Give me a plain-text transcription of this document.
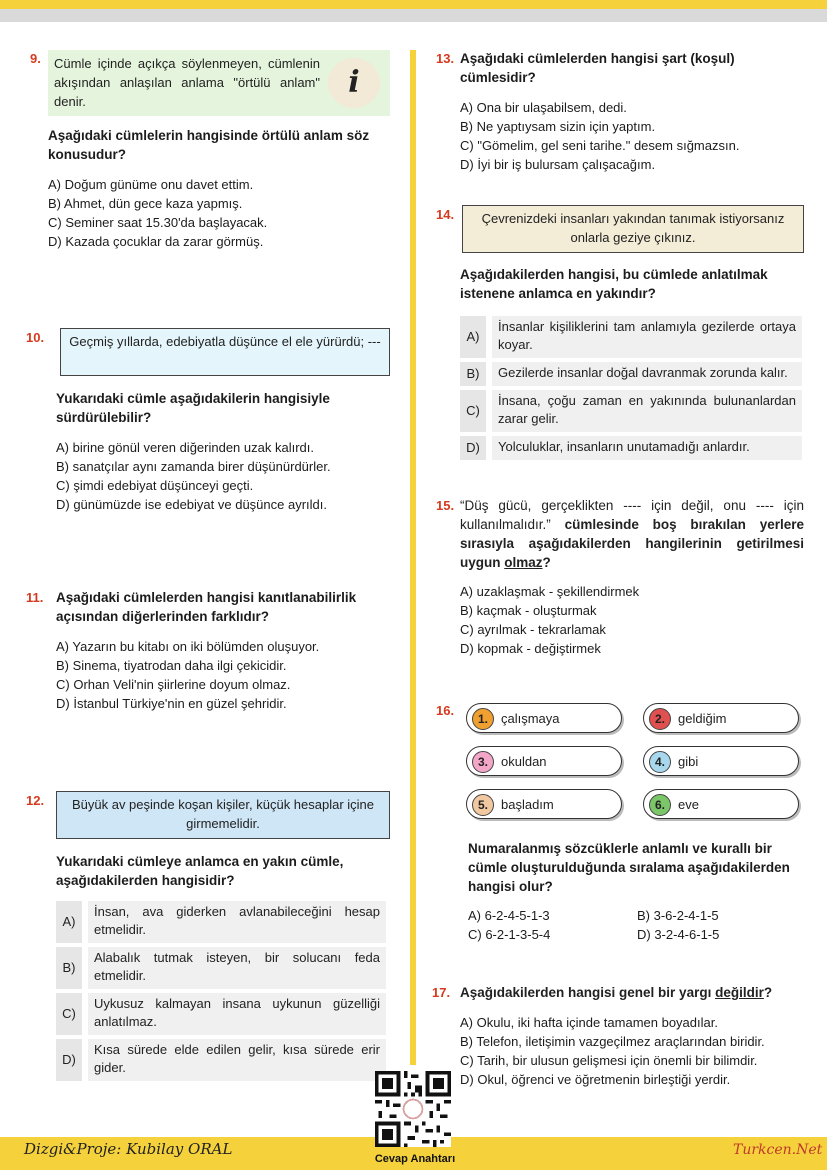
9.	Cümle içinde açıkça söylenmeyen, cümlenin akışından anlaşılan anlama "örtülü anlam" denir.
i
Aşağıdaki cümlelerin hangisinde örtülü anlam söz konusudur?
A) Doğum günüme onu davet ettim.
B) Ahmet, dün gece kaza yapmış.
C) Seminer saat 15.30'da başlayacak.
D) Kazada çocuklar da zarar görmüş.
10.	Geçmiş yıllarda, edebiyatla düşünce el ele yürürdü; ---
Yukarıdaki cümle aşağıdakilerin hangisiyle sürdürülebilir?
A) birine gönül veren diğerinden uzak kalırdı.
B) sanatçılar aynı zamanda birer düşünürdürler.
C) şimdi edebiyat düşünceyi geçti.
D) günümüzde ise edebiyat ve düşünce ayrıldı.
11. Aşağıdaki cümlelerden hangisi kanıtlanabilirlik açısından diğerlerinden farklıdır?
A) Yazarın bu kitabı on iki bölümden oluşuyor.
B) Sinema, tiyatrodan daha ilgi çekicidir.
C) Orhan Veli'nin şiirlerine doyum olmaz.
D) İstanbul Türkiye'nin en güzel şehridir.
12.	Büyük av peşinde koşan kişiler, küçük hesaplar içine girmemelidir.
Yukarıdaki cümleye anlamca en yakın cümle, aşağıdakilerden hangisidir?
A)
İnsan, ava giderken avlanabileceğini hesap etmelidir.
B)
Alabalık tutmak isteyen, bir solucanı feda etmelidir.
C)
Uykusuz kalmayan insana uykunun güzelliği anlatılmaz.
D)
Kısa sürede elde edilen gelir, kısa sürede erir gider.
13. Aşağıdaki cümlelerden hangisi şart (koşul) cümlesidir?
A) Ona bir ulaşabilsem, dedi.
B) Ne yaptıysam sizin için yaptım.
C) "Gömelim, gel seni tarihe." desem sığmazsın.
D) İyi bir iş bulursam çalışacağım.
14.	Çevrenizdeki insanları yakından tanımak istiyorsanız onlarla geziye çıkınız.
Aşağıdakilerden hangisi, bu cümlede anlatılmak istenene anlamca en yakındır?
A)
İnsanlar kişiliklerini tam anlamıyla gezilerde ortaya koyar.
B)	Gezilerde insanlar doğal davranmak zorunda kalır.
C)
İnsana, çoğu zaman en yakınında bulunanlardan zarar gelir.
D)	Yolculuklar, insanların unutamadığı anlardır.
15. “Düş gücü, gerçeklikten ---- için değil, onu ---- için kullanılmalıdır.” cümlesinde boş bırakılan yerlere sırasıyla aşağıdakilerden hangilerinin getirilmesi uygun olmaz?
A) uzaklaşmak - şekillendirmek
B) kaçmak - oluşturmak
C) ayrılmak - tekrarlamak
D) kopmak - değiştirmek
16.
1.	çalışmaya	2.	geldiğim
3.	okuldan	4.	gibi
5.	başladım	6.	eve
Numaralanmış sözcüklerle anlamlı ve kurallı bir cümle oluşturulduğunda sıralama aşağıdakilerden hangisi olur?
A) 6-2-4-5-1-3
C) 6-2-1-3-5-4
B) 3-6-2-4-1-5
D) 3-2-4-6-1-5
17. Aşağıdakilerden hangisi genel bir yargı değildir?
A) Okulu, iki hafta içinde tamamen boyadılar.
B) Telefon, iletişimin vazgeçilmez araçlarından biridir.
C) Tarih, bir ulusun gelişmesi için önemli bir bilimdir.
D) Okul, öğrenci ve öğretmenin birleştiği yerdir.
Dizgi&Proje: Kubilay ORAL	Turkcen.Net
Cevap Anahtarı
